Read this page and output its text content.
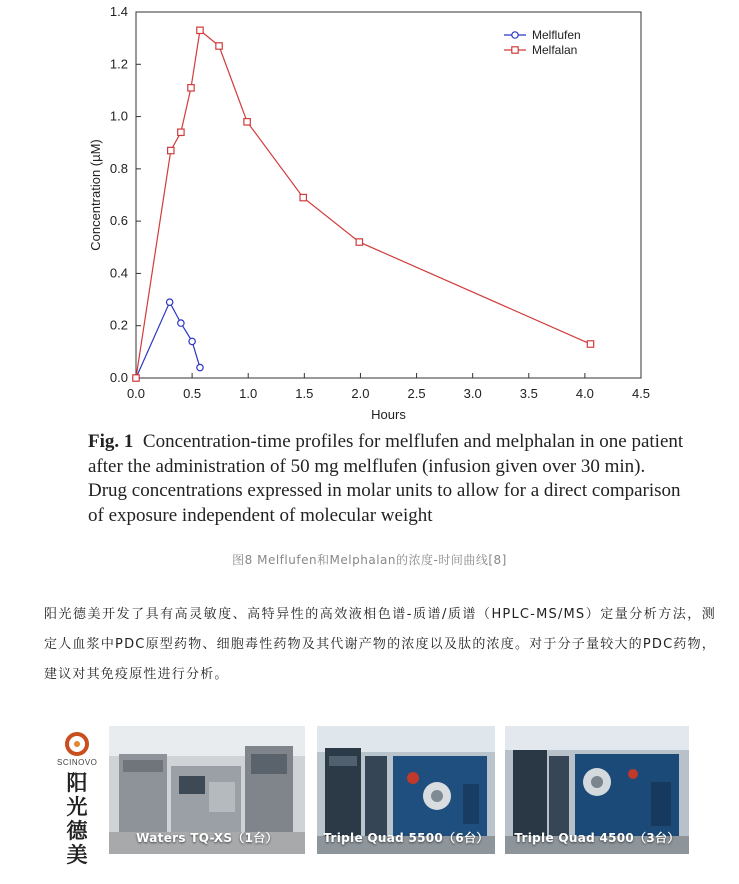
0.0	0.5	1.0	1.5	2.0	2.5	3.0	3.5	4.0	4.5
0.0
0.2
0.4
0.6
0.8
1.0
1.2
1.4
Hours
Concentration (µM)
Melflufen
Melfalan
Fig. 1 Concentration-time profiles for melflufen and melphalan in one patient after the administration of 50 mg melflufen (infusion given over 30 min). Drug concentrations expressed in molar units to allow for a direct comparison of exposure independent of molecular weight
图8 Melflufen和Melphalan的浓度-时间曲线[8]
阳光德美开发了具有高灵敏度、高特异性的高效液相色谱-质谱/质谱（HPLC-MS/MS）定量分析方法，测定人血浆中PDC原型药物、细胞毒性药物及其代谢产物的浓度以及肽的浓度。对于分子量较大的PDC药物，建议对其免疫原性进行分析。
SCINOVO
阳
光
德
美
Waters TQ-XS（1台）	Triple Quad 5500（6台）	Triple Quad 4500（3台）
